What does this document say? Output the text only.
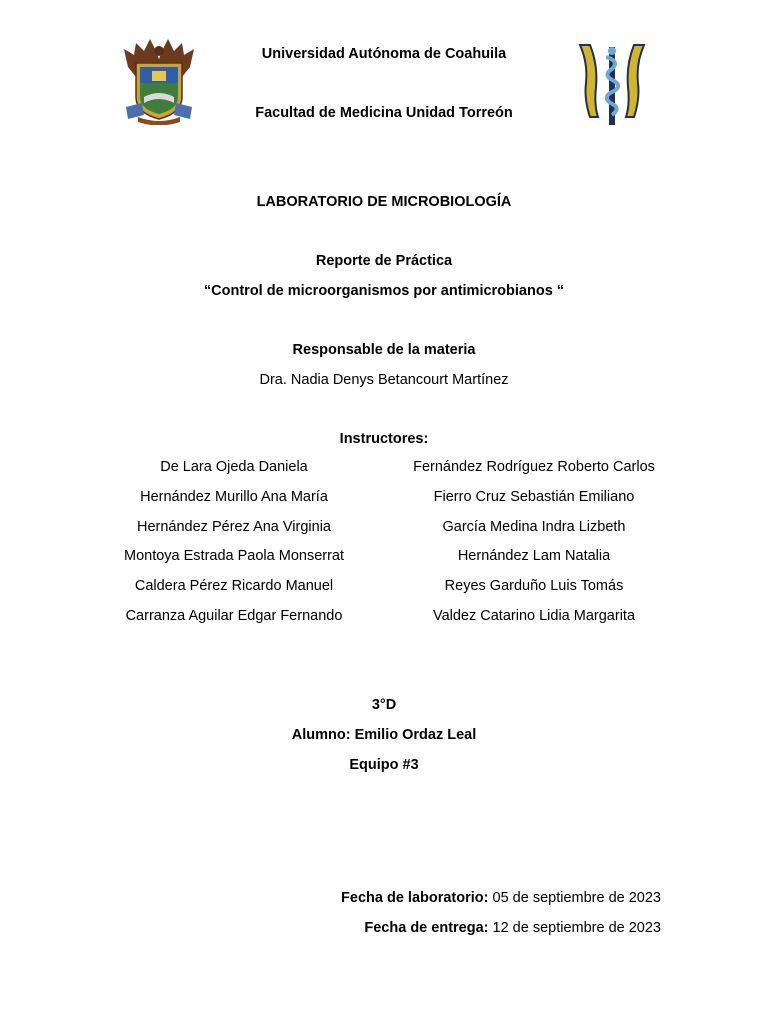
Universidad Autónoma de Coahuila
Facultad de Medicina Unidad Torreón
LABORATORIO DE MICROBIOLOGÍA
Reporte de Práctica
“Control de microorganismos por antimicrobianos “
Responsable de la materia
Dra. Nadia Denys Betancourt Martínez
Instructores:
De Lara Ojeda Daniela
Hernández Murillo Ana María
Hernández Pérez Ana Virginia
Montoya Estrada Paola Monserrat
Caldera Pérez Ricardo Manuel
Carranza Aguilar Edgar Fernando
Fernández Rodríguez Roberto Carlos
Fierro Cruz Sebastián Emiliano
García Medina Indra Lizbeth
Hernández Lam Natalia
Reyes Garduño Luis Tomás
Valdez Catarino Lidia Margarita
3°D
Alumno: Emilio Ordaz Leal
Equipo #3
Fecha de laboratorio: 05 de septiembre de 2023
Fecha de entrega: 12 de septiembre de 2023
